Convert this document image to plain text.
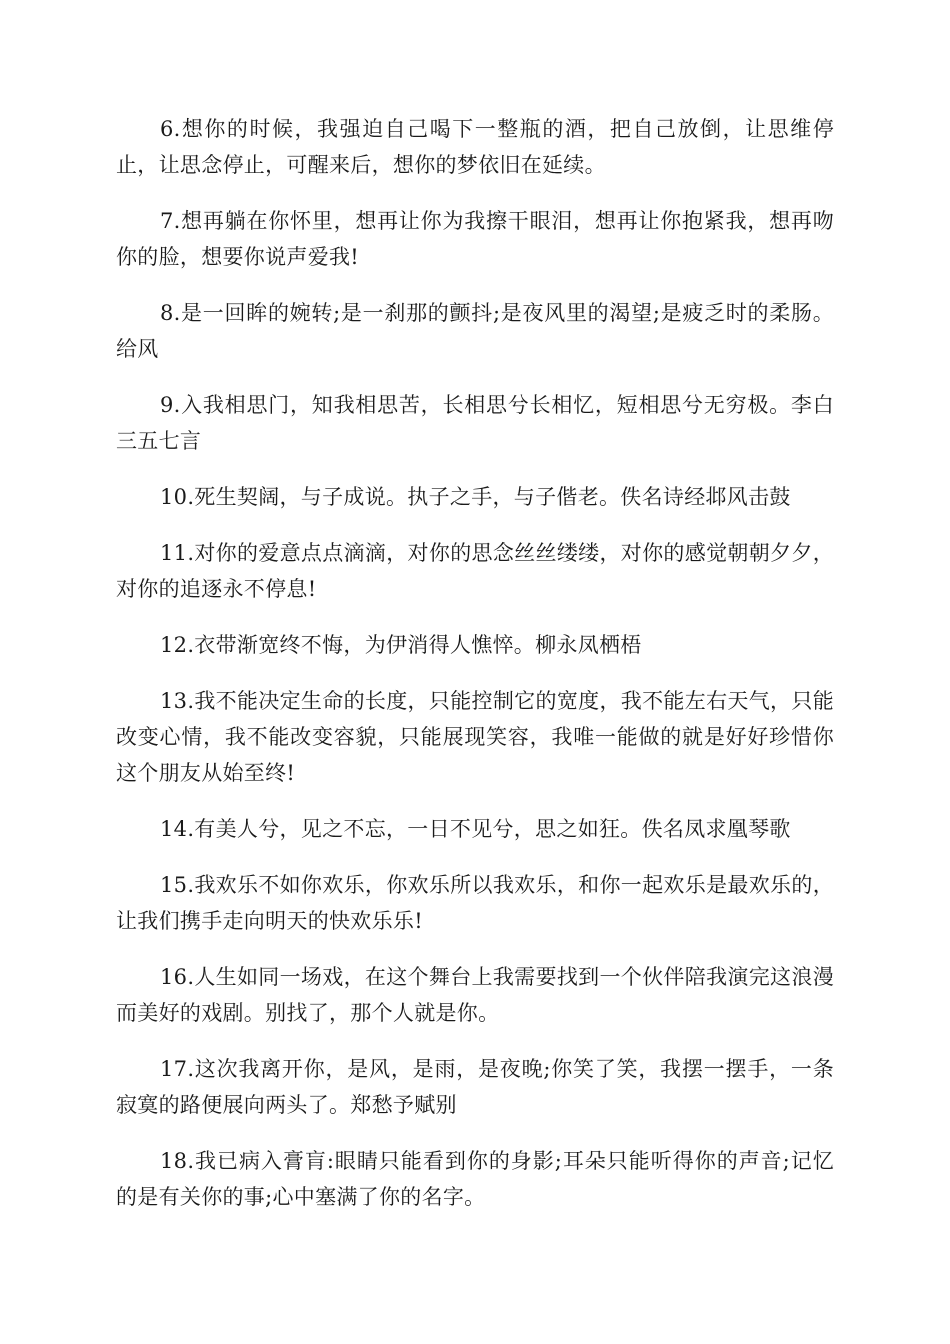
6.想你的时候，我强迫自己喝下一整瓶的酒，把自己放倒，让思维停止，让思念停止，可醒来后，想你的梦依旧在延续。

7.想再躺在你怀里，想再让你为我擦干眼泪，想再让你抱紧我，想再吻你的脸，想要你说声爱我!

8.是一回眸的婉转;是一刹那的颤抖;是夜风里的渴望;是疲乏时的柔肠。给风

9.入我相思门，知我相思苦，长相思兮长相忆，短相思兮无穷极。李白三五七言

10.死生契阔，与子成说。执子之手，与子偕老。佚名诗经邶风击鼓

11.对你的爱意点点滴滴，对你的思念丝丝缕缕，对你的感觉朝朝夕夕，对你的追逐永不停息!

12.衣带渐宽终不悔，为伊消得人憔悴。柳永凤栖梧

13.我不能决定生命的长度，只能控制它的宽度，我不能左右天气，只能改变心情，我不能改变容貌，只能展现笑容，我唯一能做的就是好好珍惜你这个朋友从始至终!

14.有美人兮，见之不忘，一日不见兮，思之如狂。佚名凤求凰琴歌

15.我欢乐不如你欢乐，你欢乐所以我欢乐，和你一起欢乐是最欢乐的，让我们携手走向明天的快欢乐乐!

16.人生如同一场戏，在这个舞台上我需要找到一个伙伴陪我演完这浪漫而美好的戏剧。别找了，那个人就是你。

17.这次我离开你，是风，是雨，是夜晚;你笑了笑，我摆一摆手，一条寂寞的路便展向两头了。郑愁予赋别

18.我已病入膏肓:眼睛只能看到你的身影;耳朵只能听得你的声音;记忆的是有关你的事;心中塞满了你的名字。
